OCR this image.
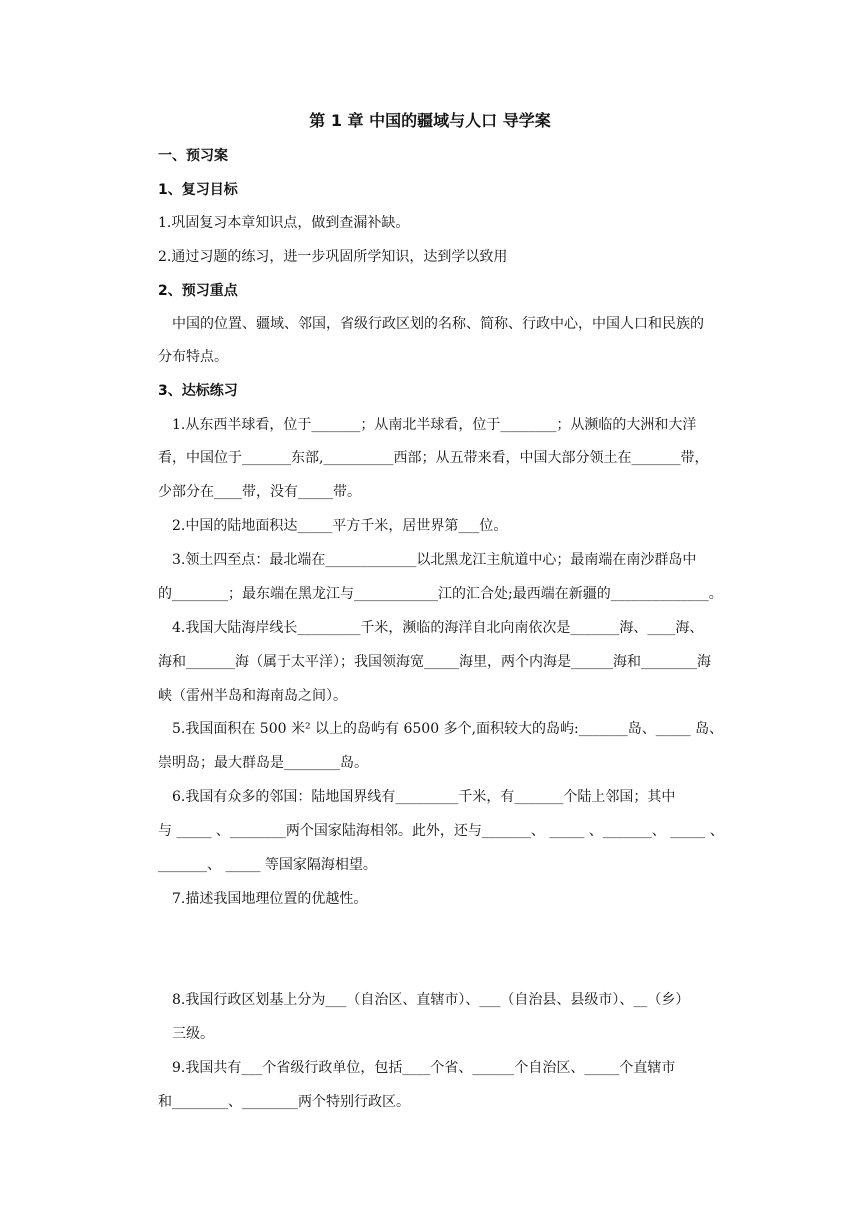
第 1 章 中国的疆域与人口 导学案
一、预习案
1、复习目标
1.巩固复习本章知识点，做到查漏补缺。
2.通过习题的练习，进一步巩固所学知识，达到学以致用
2、预习重点
中国的位置、疆域、邻国，省级行政区划的名称、简称、行政中心，中国人口和民族的
分布特点。
3、达标练习
1.从东西半球看，位于_______；从南北半球看，位于________；从濒临的大洲和大洋
看，中国位于_______东部,__________西部；从五带来看，中国大部分领土在_______带，
少部分在____带，没有_____带。
2.中国的陆地面积达_____平方千米，居世界第___位。
3.领土四至点：最北端在_____________以北黑龙江主航道中心；最南端在南沙群岛中
的________；最东端在黑龙江与____________江的汇合处;最西端在新疆的______________。
4.我国大陆海岸线长_________千米，濒临的海洋自北向南依次是_______海、____海、
海和_______海（属于太平洋）；我国领海宽_____海里，两个内海是______海和________海
峡（雷州半岛和海南岛之间）。
5.我国面积在 500 米² 以上的岛屿有 6500 多个,面积较大的岛屿:_______岛、_____ 岛、
崇明岛；最大群岛是________岛。
6.我国有众多的邻国：陆地国界线有_________千米，有_______个陆上邻国；其中
与 _____ 、________两个国家陆海相邻。此外，还与_______、 _____ 、_______、 _____ 、
_______、 _____ 等国家隔海相望。
7.描述我国地理位置的优越性。
8.我国行政区划基上分为___（自治区、直辖市）、___（自治县、县级市）、__（乡）
三级。
9.我国共有___个省级行政单位，包括____个省、______个自治区、_____个直辖市
和________、________两个特别行政区。
